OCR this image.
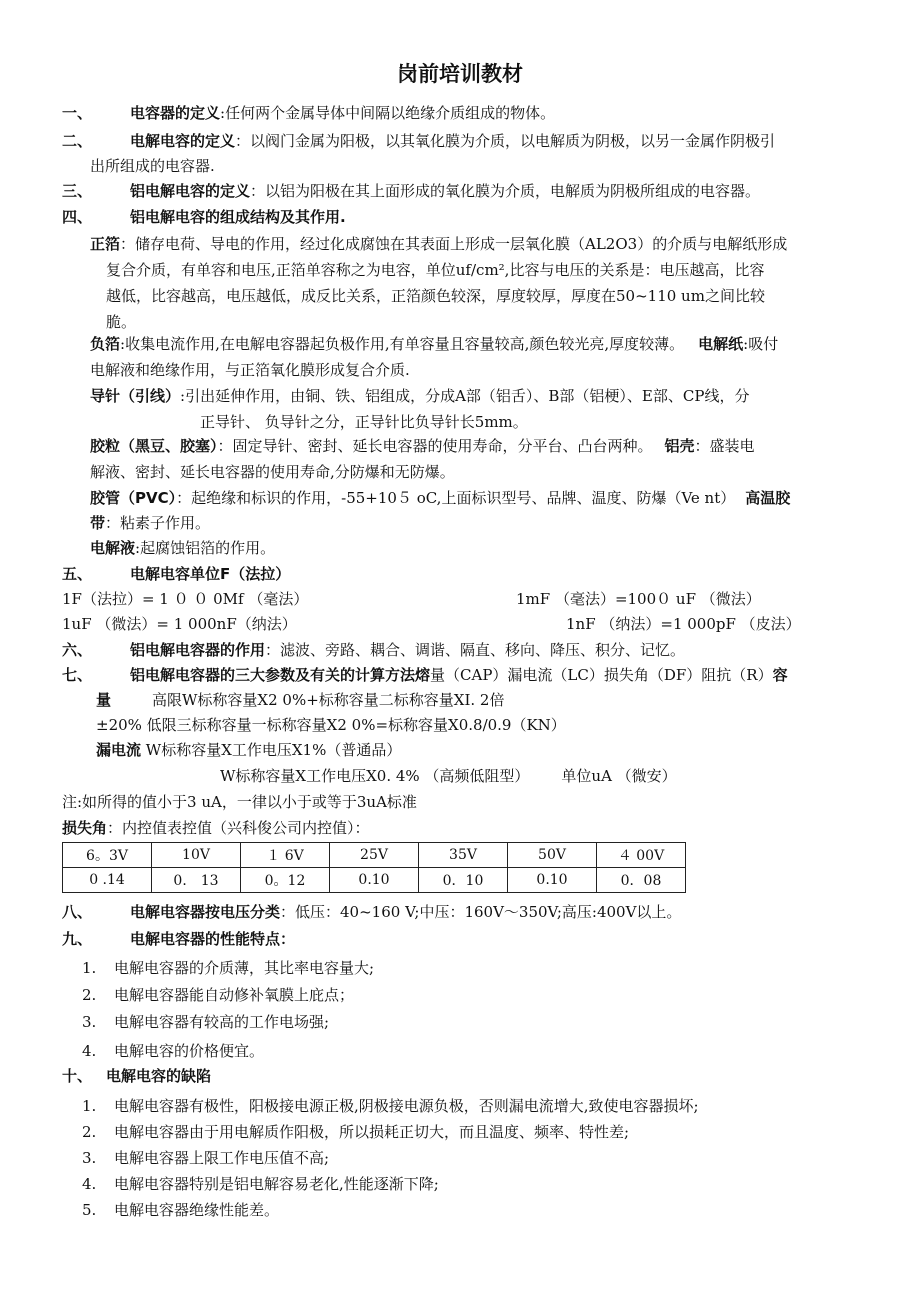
岗前培训教材
一、	电容器的定义:任何两个金属导体中间隔以绝缘介质组成的物体。
二、	电解电容的定义：以阀门金属为阳极，以其氧化膜为介质，以电解质为阴极，以另一金属作阴极引
出所组成的电容器.
三、	铝电解电容的定义：以铝为阳极在其上面形成的氧化膜为介质，电解质为阴极所组成的电容器。
四、	铝电解电容的组成结构及其作用.
正箔：储存电荷、导电的作用，经过化成腐蚀在其表面上形成一层氧化膜（AL2O3）的介质与电解纸形成
复合介质，有单容和电压,正箔单容称之为电容，单位uf/cm²,比容与电压的关系是：电压越高，比容
越低，比容越高，电压越低，成反比关系，正箔颜色较深，厚度较厚，厚度在50~110 um之间比较
脆。
负箔:收集电流作用,在电解电容器起负极作用,有单容量且容量较高,颜色较光亮,厚度较薄。 电解纸:吸付
电解液和绝缘作用，与正箔氧化膜形成复合介质.
导针（引线）:引出延伸作用，由铜、铁、铝组成，分成A部（铝舌）、B部（铝梗）、E部、CP线，分
正导针、 负导针之分，正导针比负导针长5mm。
胶粒（黑豆、胶塞）：固定导针、密封、延长电容器的使用寿命，分平台、凸台两种。 铝壳：盛装电
解液、密封、延长电容器的使用寿命,分防爆和无防爆。
胶管（PVC）：起绝缘和标识的作用，-55+10５ oC,上面标识型号、品牌、温度、防爆（Ve nt） 高温胶
带：粘素子作用。
电解液:起腐蚀铝箔的作用。
五、	电解电容单位F（法拉）
1F（法拉）= 1 ０ ０ 0Mf （毫法）	1mF （毫法）=100０ uF （微法）
1uF （微法）= 1 000nF（纳法）	1nF （纳法）=1 000pF （皮法）
六、	铝电解电容器的作用：滤波、旁路、耦合、调谐、隔直、移向、降压、积分、记忆。
七、	铝电解电容器的三大参数及有关的计算方法熔量（CAP）漏电流（LC）损失角（DF）阻抗（R）容
量	高限W标称容量X2 0%+标称容量二标称容量XI. 2倍
±20% 低限三标称容量一标称容量X2 0%=标称容量X0.8/0.9（KN）
漏电流 W标称容量X工作电压X1%（普通品）
W标称容量X工作电压X0. 4% （高频低阻型） 单位uA （微安）
注:如所得的值小于3 uA，一律以小于或等于3uA标准
损失角：内控值表控值（兴科俊公司内控值）：
6。3V	10V	１ 6V	25V	35V	50V	４ 00V
0 .14	0． 13	0。12	0.10	0．10	0.10	0．08
八、	电解电容器按电压分类：低压：40~160 V;中压：160V〜350V;高压:400V以上。
九、	电解电容器的性能特点：
1. 电解电容器的介质薄，其比率电容量大;
2. 电解电容器能自动修补氧膜上庇点；
3. 电解电容器有较高的工作电场强;
4. 电解电容的价格便宜。
十、 电解电容的缺陷
1. 电解电容器有极性，阳极接电源正极,阴极接电源负极，否则漏电流增大,致使电容器损坏;
2. 电解电容器由于用电解质作阳极，所以损耗正切大，而且温度、频率、特性差;
3. 电解电容器上限工作电压值不高;
4. 电解电容器特别是铝电解容易老化,性能逐渐下降;
5. 电解电容器绝缘性能差。
